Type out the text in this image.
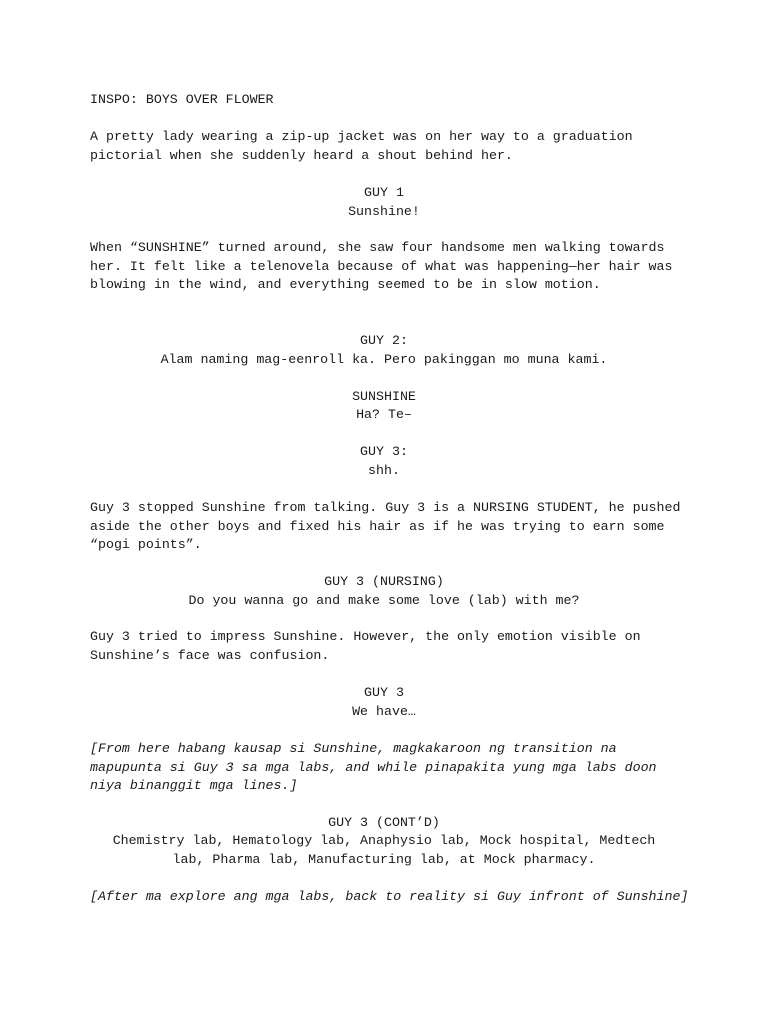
INSPO: BOYS OVER FLOWER

A pretty lady wearing a zip-up jacket was on her way to a graduation pictorial when she suddenly heard a shout behind her.

GUY 1

Sunshine!

When “SUNSHINE” turned around, she saw four handsome men walking towards her. It felt like a telenovela because of what was happening—her hair was blowing in the wind, and everything seemed to be in slow motion.

GUY 2:

Alam naming mag-eenroll ka. Pero pakinggan mo muna kami.

SUNSHINE

Ha? Te–

GUY 3:

shh.

Guy 3 stopped Sunshine from talking. Guy 3 is a NURSING STUDENT, he pushed aside the other boys and fixed his hair as if he was trying to earn some “pogi points”.

GUY 3 (NURSING)

Do you wanna go and make some love (lab) with me?

Guy 3 tried to impress Sunshine. However, the only emotion visible on Sunshine’s face was confusion.

GUY 3

We have…

[From here habang kausap si Sunshine, magkakaroon ng transition na mapupunta si Guy 3 sa mga labs, and while pinapakita yung mga labs doon niya binanggit mga lines.]

GUY 3 (CONT’D)

Chemistry lab, Hematology lab, Anaphysio lab, Mock hospital, Medtech lab, Pharma lab, Manufacturing lab, at Mock pharmacy.

[After ma explore ang mga labs, back to reality si Guy infront of Sunshine]
